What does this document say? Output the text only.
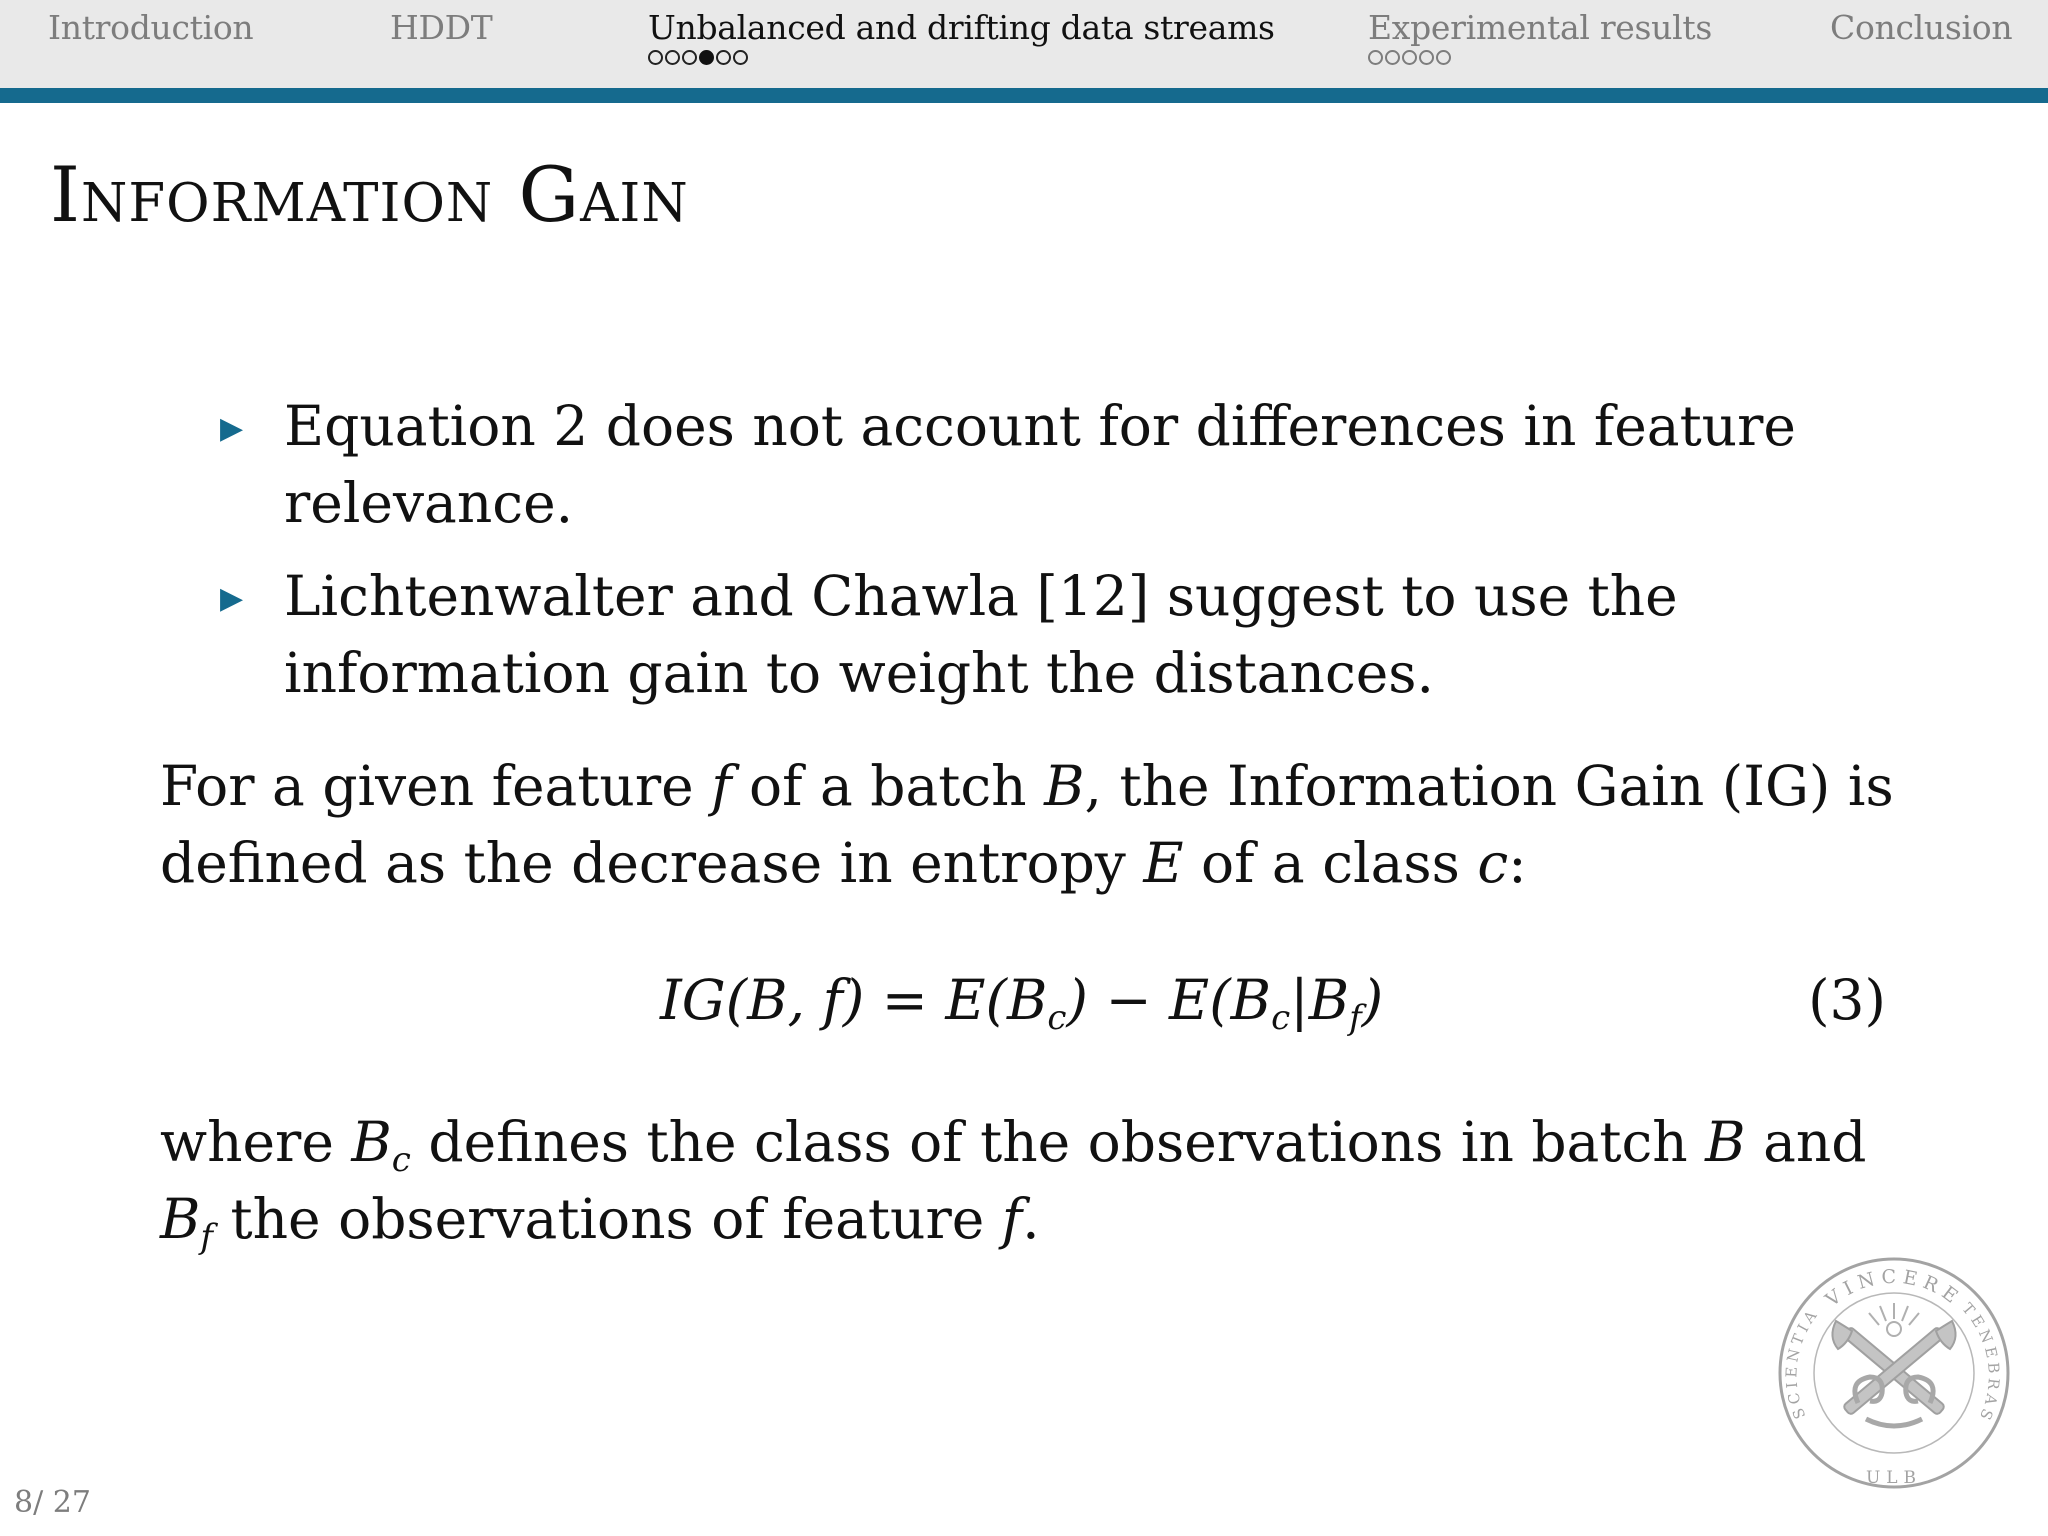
Introduction	HDDT	Unbalanced and drifting data streams	Experimental results	Conclusion
Information Gain
▶ Equation 2 does not account for differences in feature relevance.
▶ Lichtenwalter and Chawla [12] suggest to use the information gain to weight the distances.

For a given feature f of a batch B, the Information Gain (IG) is defined as the decrease in entropy E of a class c:

IG(B, $f) = E(B_c) - E(B_c|B_f)$	(3)

where $B_c$ defines the class of the observations in batch B and $B_f$ the observations of feature f.

8/ 27
VINCERE
SCIENTIA	TENEBRAS
ULB
